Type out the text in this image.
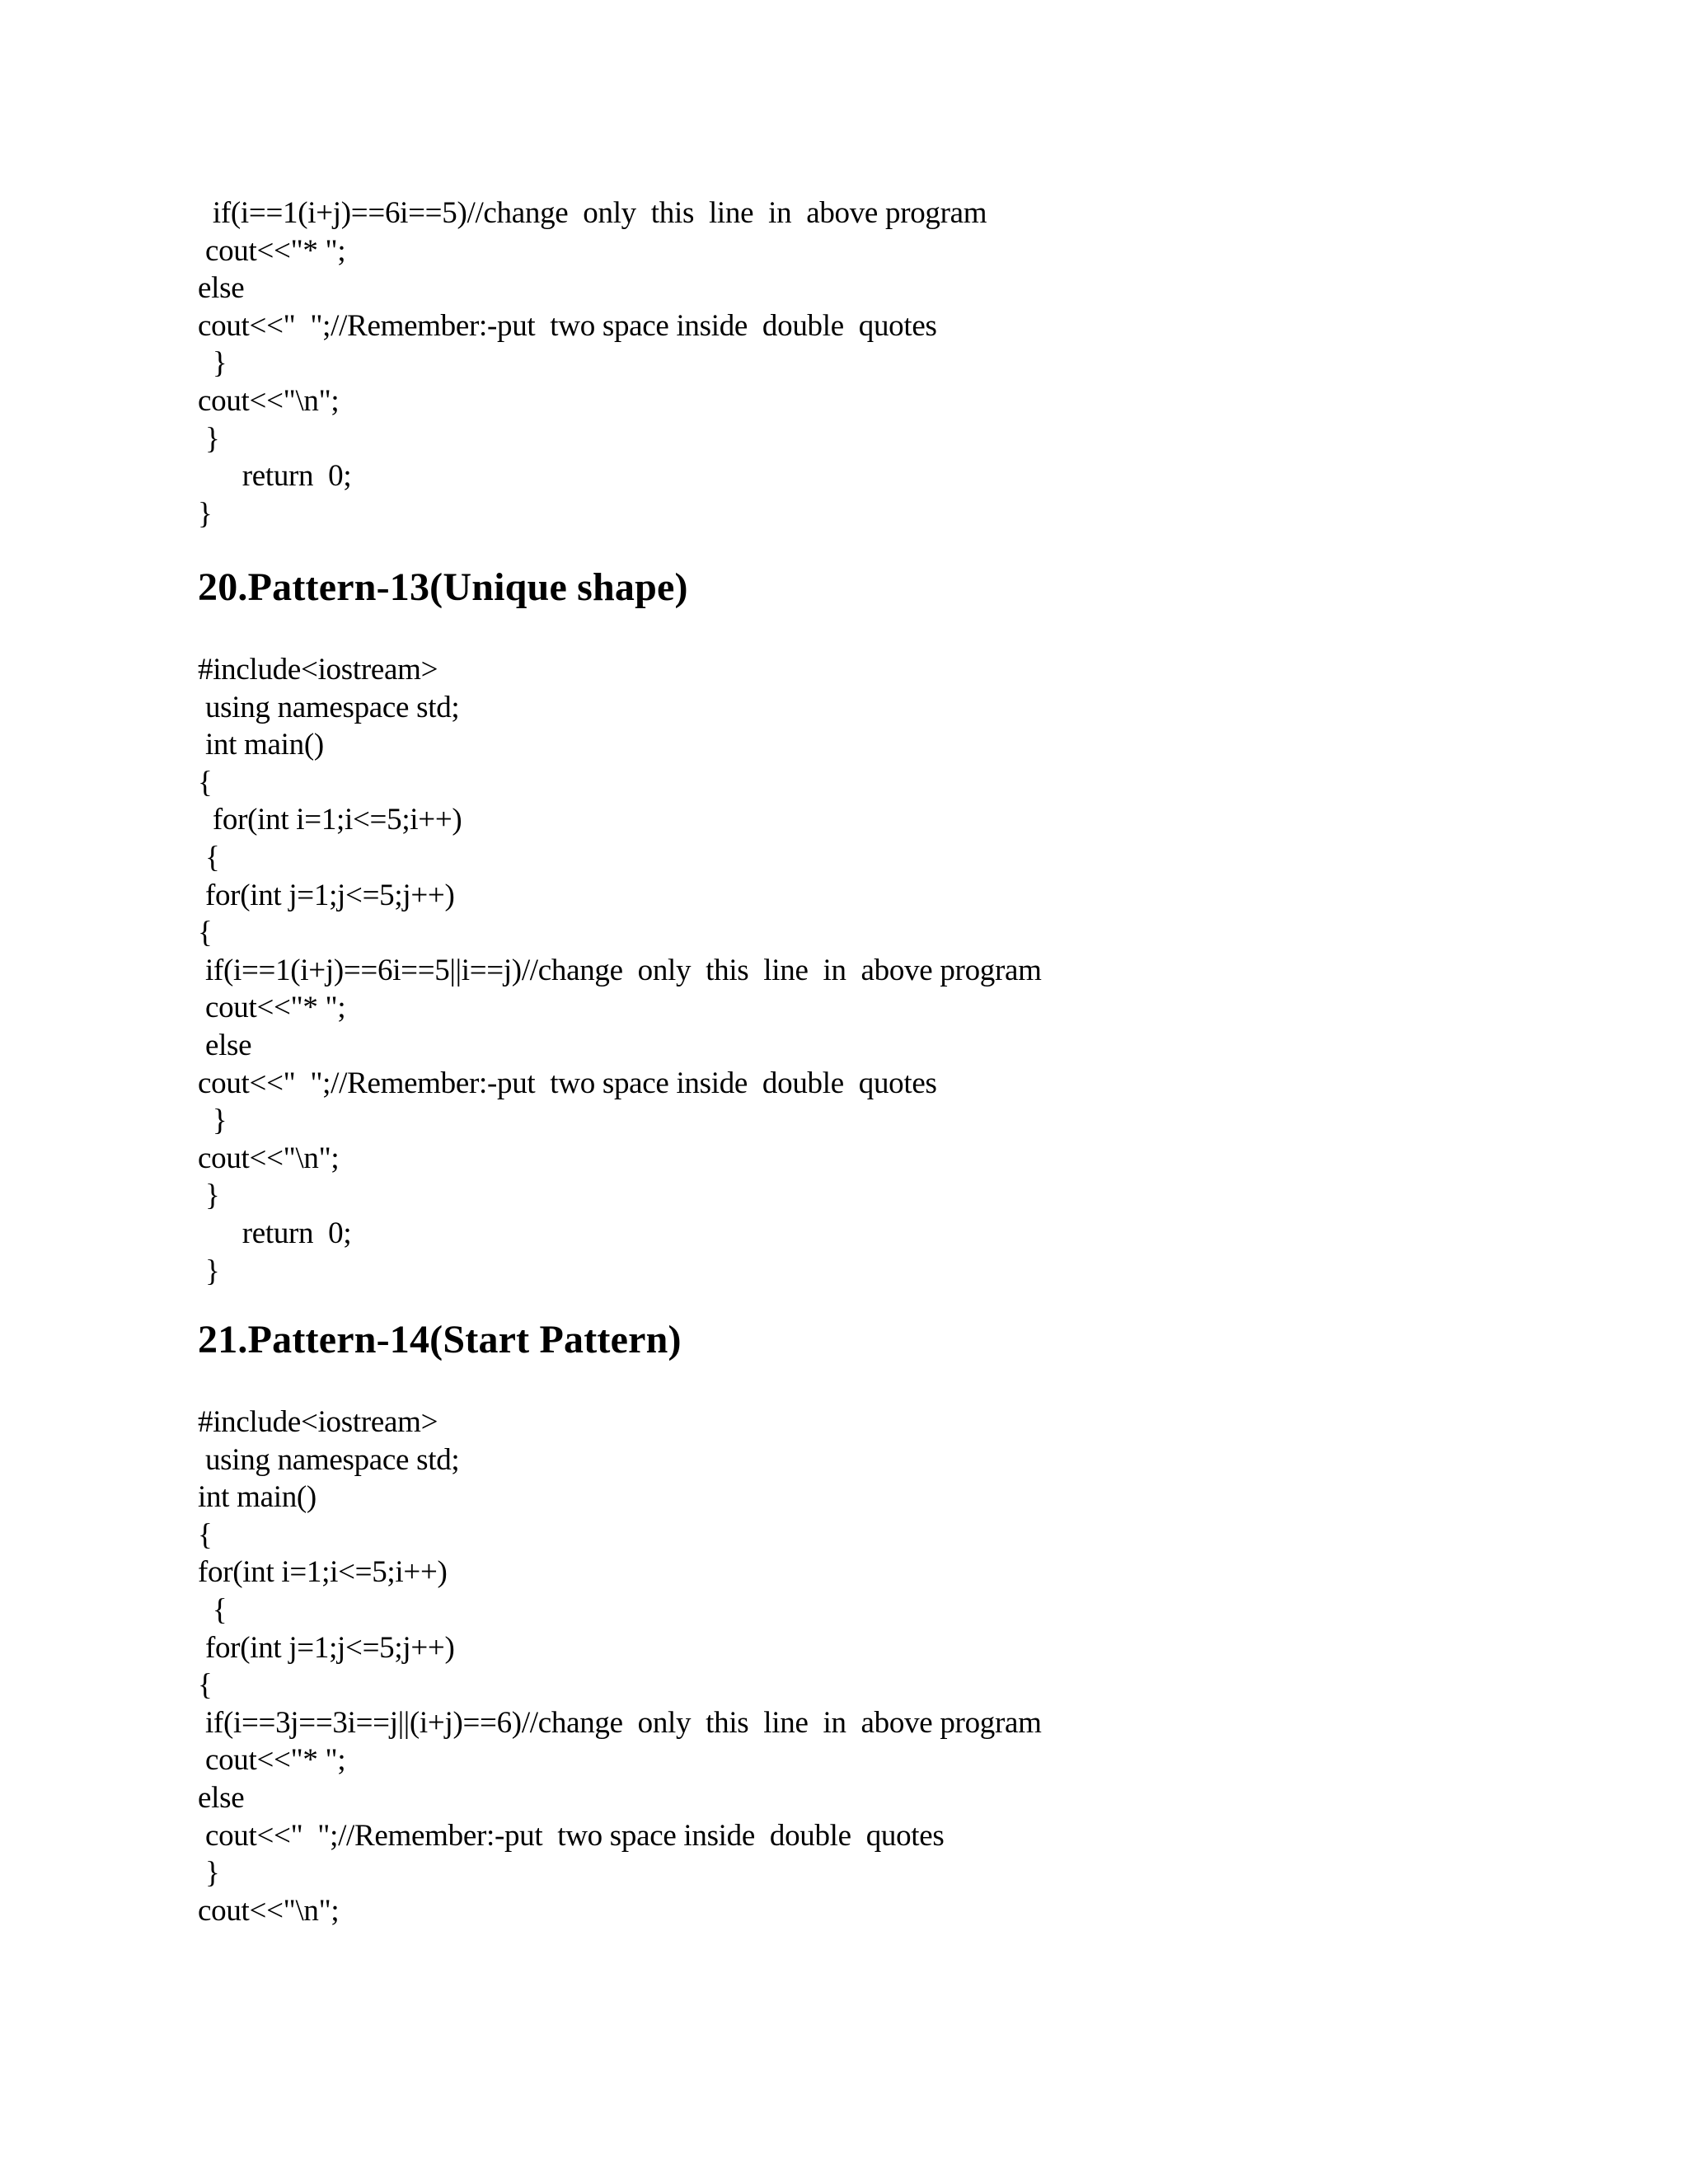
if(i==1(i+j)==6i==5)//change  only  this  line  in  above program
cout<<"* ";
else
cout<<"  ";//Remember:-put  two space inside  double  quotes
}
cout<<"\n";
}
return  0;
}
20.Pattern-13(Unique shape)
#include<iostream>
using namespace std;
int main()
{
for(int i=1;i<=5;i++)
{
for(int j=1;j<=5;j++)
{
if(i==1(i+j)==6i==5||i==j)//change  only  this  line  in  above program
cout<<"* ";
else
cout<<"  ";//Remember:-put  two space inside  double  quotes
}
cout<<"\n";
}
return  0;
}
21.Pattern-14(Start Pattern)
#include<iostream>
using namespace std;
int main()
{
for(int i=1;i<=5;i++)
{
for(int j=1;j<=5;j++)
{
if(i==3j==3i==j||(i+j)==6)//change  only  this  line  in  above program
cout<<"* ";
else
cout<<"  ";//Remember:-put  two space inside  double  quotes
}
cout<<"\n";
